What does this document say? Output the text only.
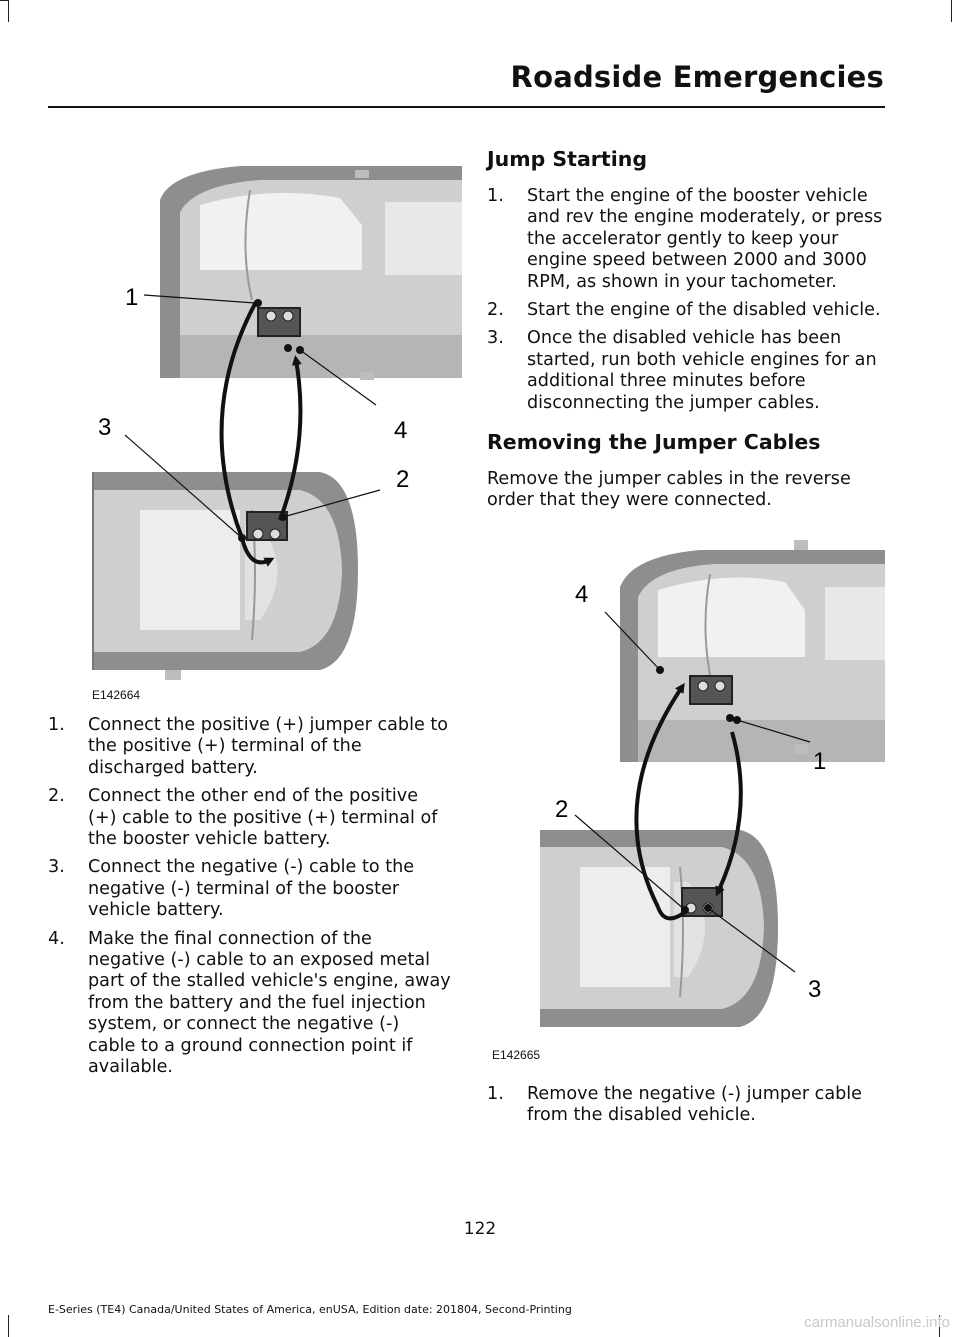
Roadside Emergencies
1
3	4
2
E142664
1. Connect the positive (+) jumper cable to the positive (+) terminal of the discharged battery.
2. Connect the other end of the positive (+) cable to the positive (+) terminal of the booster vehicle battery.
3. Connect the negative (-) cable to the negative (-) terminal of the booster vehicle battery.
4. Make the final connection of the negative (-) cable to an exposed metal part of the stalled vehicle's engine, away from the battery and the fuel injection system, or connect the negative (-) cable to a ground connection point if available.
Jump Starting
1. Start the engine of the booster vehicle and rev the engine moderately, or press the accelerator gently to keep your engine speed between 2000 and 3000 RPM, as shown in your tachometer.
2. Start the engine of the disabled vehicle.
3. Once the disabled vehicle has been started, run both vehicle engines for an additional three minutes before disconnecting the jumper cables.
Removing the Jumper Cables

Remove the jumper cables in the reverse order that they were connected.

4
1
2
3
E142665
1. Remove the negative (-) jumper cable from the disabled vehicle.
122
E-Series (TE4) Canada/United States of America, enUSA, Edition date: 201804, Second-Printing
carmanualsonline.info
